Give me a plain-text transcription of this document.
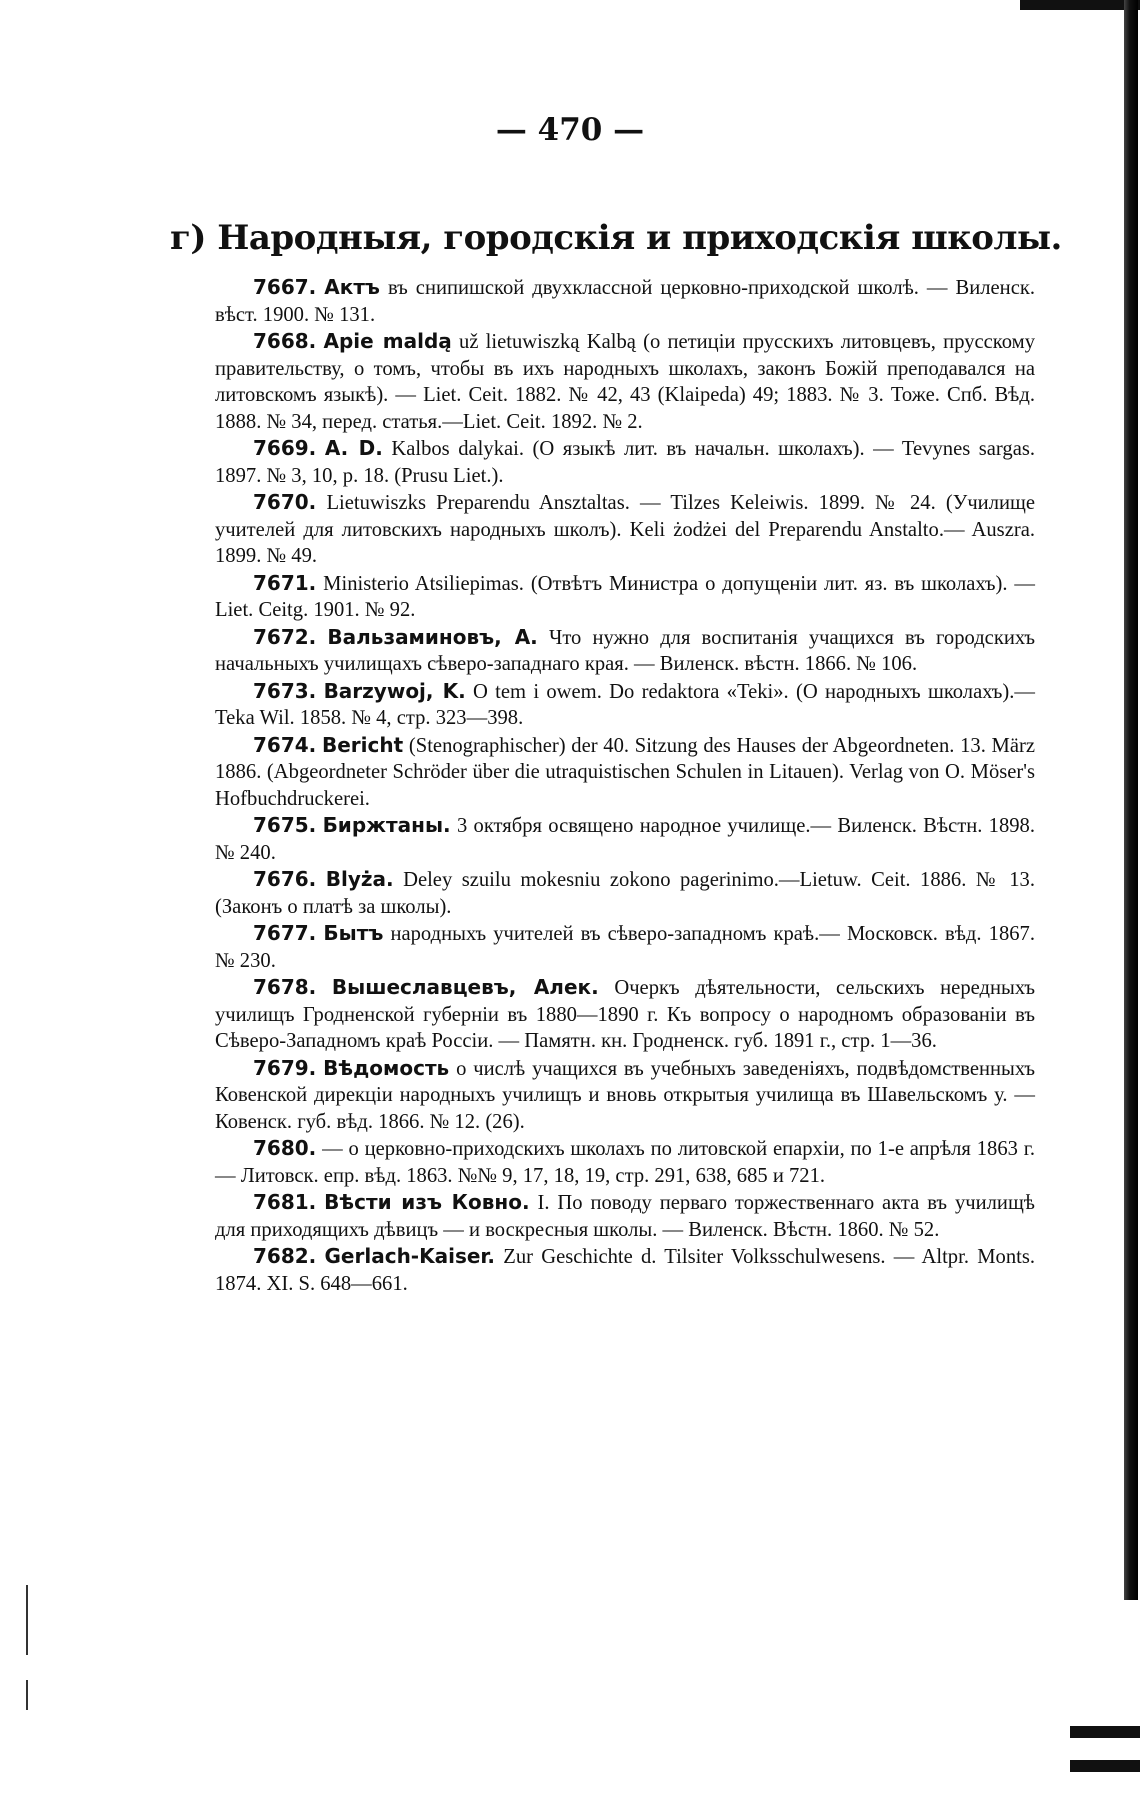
— 470 —
г) Народныя, городскія и приходскія школы.
7667. Актъ въ снипишской двухклассной церковно-приходской школѣ. — Виленск. вѣст. 1900. № 131.
7668. Apie maldą už lietuwiszką Kalbą (о петиціи прусскихъ литовцевъ, прусскому правительству, о томъ, чтобы въ ихъ народныхъ школахъ, законъ Божій преподавался на литовскомъ языкѣ). — Liet. Ceit. 1882. № 42, 43 (Klaipeda) 49; 1883. № 3. Тоже. Спб. Вѣд. 1888. № 34, перед. статья.—Liet. Ceit. 1892. № 2.
7669. A. D. Kalbos dalykai. (О языкѣ лит. въ начальн. школахъ). — Tevynes sargas. 1897. № 3, 10, p. 18. (Prusu Liet.).
7670. Lietuwiszks Preparendu Ansztaltas. — Tilzes Keleiwis. 1899. № 24. (Училище учителей для литовскихъ народныхъ школъ). Keli żodżei del Preparendu Anstalto.— Auszra. 1899. № 49.
7671. Ministerio Atsiliepimas. (Отвѣтъ Министра о допущеніи лит. яз. въ школахъ). — Liet. Ceitg. 1901. № 92.
7672. Вальзаминовъ, А. Что нужно для воспитанія учащихся въ городскихъ начальныхъ училищахъ сѣверо-западнаго края. — Виленск. вѣстн. 1866. № 106.
7673. Barzywoj, K. O tem i owem. Do redaktora «Teki». (О народныхъ школахъ).— Teka Wil. 1858. № 4, стр. 323—398.
7674. Bericht (Stenographischer) der 40. Sitzung des Hauses der Abgeordneten. 13. März 1886. (Abgeordneter Schröder über die utraquistischen Schulen in Litauen). Verlag von O. Möser's Hofbuchdruckerei.
7675. Биржтаны. 3 октября освящено народное училище.— Виленск. Вѣстн. 1898. № 240.
7676. Blyża. Deley szuilu mokesniu zokono pagerinimo.—Lietuw. Ceit. 1886. № 13. (Законъ о платѣ за школы).
7677. Бытъ народныхъ учителей въ сѣверо-западномъ краѣ.— Московск. вѣд. 1867. № 230.
7678. Вышеславцевъ, Алек. Очеркъ дѣятельности, сельскихъ нередныхъ училищъ Гродненской губерніи въ 1880—1890 г. Къ вопросу о народномъ образованіи въ Сѣверо-Западномъ краѣ Россіи. — Памятн. кн. Гродненск. губ. 1891 г., стр. 1—36.
7679. Вѣдомость о числѣ учащихся въ учебныхъ заведеніяхъ, подвѣдомственныхъ Ковенской дирекціи народныхъ училищъ и вновь открытыя училища въ Шавельскомъ у. — Ковенск. губ. вѣд. 1866. № 12. (26).
7680. — о церковно-приходскихъ школахъ по литовской епархіи, по 1-е апрѣля 1863 г. — Литовск. епр. вѣд. 1863. №№ 9, 17, 18, 19, стр. 291, 638, 685 и 721.
7681. Вѣсти изъ Ковно. I. По поводу перваго торжественнаго акта въ училищѣ для приходящихъ дѣвицъ — и воскресныя школы. — Виленск. Вѣстн. 1860. № 52.
7682. Gerlach-Kaiser. Zur Geschichte d. Tilsiter Volksschulwesens. — Altpr. Monts. 1874. XI. S. 648—661.
